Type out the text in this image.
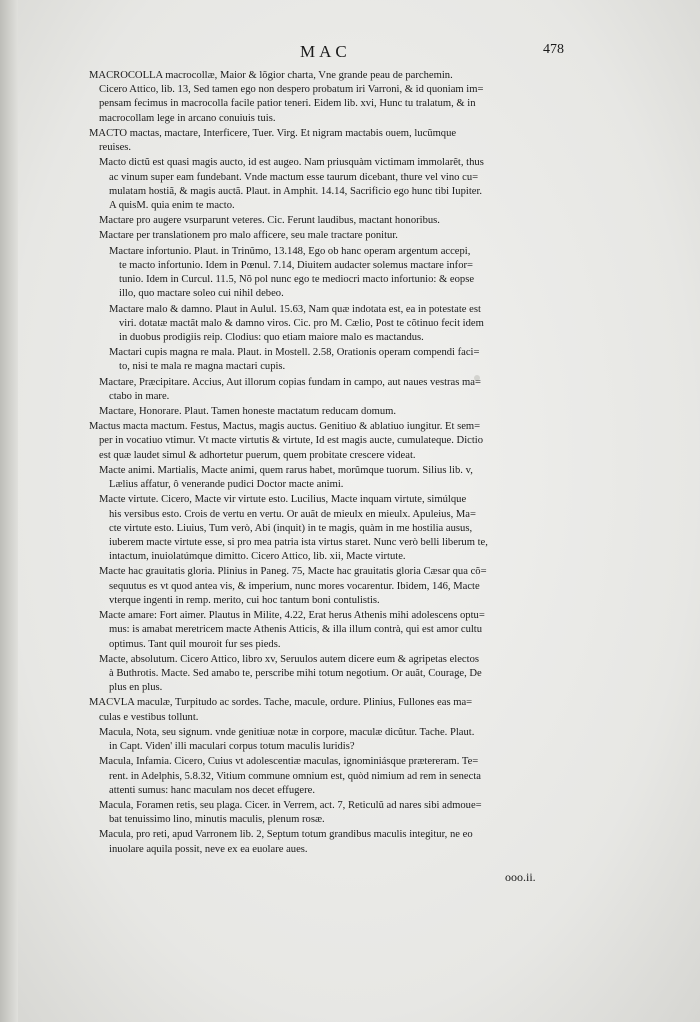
MAC	478
MACROCOLLA macrocollæ, Maior & lõgior charta, Vne grande peau de parchemin.
Cicero Attico, lib. 13, Sed tamen ego non despero probatum iri Varroni, & id quoniam im=
pensam fecimus in macrocolla facile patior teneri. Eidem lib. xvi, Hunc tu tralatum, & in
macrocollam lege in arcano conuiuis tuis.
MACTO mactas, mactare, Interficere, Tuer. Virg. Et nigram mactabis ouem, lucũmque
reuises.
Macto dictũ est quasi magis aucto, id est augeo. Nam priusquàm victimam immolarẽt, thus
ac vinum super eam fundebant. Vnde mactum esse taurum dicebant, thure vel vino cu=
mulatam hostiã, & magis auctã. Plaut. in Amphit. 14.14, Sacrificio ego hunc tibi Iupiter.
A quisM. quia enim te macto.
Mactare pro augere vsurparunt veteres. Cic. Ferunt laudibus, mactant honoribus.
Mactare per translationem pro malo afficere, seu male tractare ponitur.
Mactare infortunio. Plaut. in Trinũmo, 13.148, Ego ob hanc operam argentum accepi,
te macto infortunio. Idem in Pœnul. 7.14, Diuitem audacter solemus mactare infor=
tunio. Idem in Curcul. 11.5, Nõ pol nunc ego te mediocri macto infortunio: & eopse
illo, quo mactare soleo cui nihil debeo.
Mactare malo & damno. Plaut in Aulul. 15.63, Nam quæ indotata est, ea in potestate est
viri. dotatæ mactãt malo & damno viros. Cic. pro M. Cælio, Post te cõtinuo fecit idem
in duobus prodigiis reip. Clodius: quo etiam maiore malo es mactandus.
Mactari cupis magna re mala. Plaut. in Mostell. 2.58, Orationis operam compendi faci=
to, nisi te mala re magna mactari cupis.
Mactare, Præcipitare. Accius, Aut illorum copias fundam in campo, aut naues vestras ma=
ctabo in mare.
Mactare, Honorare. Plaut. Tamen honeste mactatum reducam domum.
Mactus macta mactum. Festus, Mactus, magis auctus. Genitiuo & ablatiuo iungitur. Et sem=
per in vocatiuo vtimur. Vt macte virtutis & virtute, Id est magis aucte, cumulateque. Dictio
est quæ laudet simul & adhortetur puerum, quem probitate crescere videat.
Macte animi. Martialis, Macte animi, quem rarus habet, morũmque tuorum. Silius lib. v,
Lælius affatur, ô venerande pudici Doctor macte animi.
Macte virtute. Cicero, Macte vir virtute esto. Lucilius, Macte inquam virtute, simúlque
his versibus esto. Crois de vertu en vertu. Or auãt de mieulx en mieulx. Apuleius, Ma=
cte virtute esto. Liuius, Tum verò, Abi (inquit) in te magis, quàm in me hostilia ausus,
iuberem macte virtute esse, si pro mea patria ista virtus staret. Nunc verò belli liberum te,
intactum, inuiolatúmque dimitto. Cicero Attico, lib. xii, Macte virtute.
Macte hac grauitatis gloria. Plinius in Paneg. 75, Macte hac grauitatis gloria Cæsar qua cõ=
sequutus es vt quod antea vis, & imperium, nunc mores vocarentur. Ibidem, 146, Macte
vterque ingenti in remp. merito, cui hoc tantum boni contulistis.
Macte amare: Fort aimer. Plautus in Milite, 4.22, Erat herus Athenis mihi adolescens optu=
mus: is amabat meretricem macte Athenis Atticis, & illa illum contrà, qui est amor cultu
optimus. Tant quil mouroit fur ses pieds.
Macte, absolutum. Cicero Attico, libro xv, Seruulos autem dicere eum & agripetas electos
à Buthrotis. Macte. Sed amabo te, perscribe mihi totum negotium. Or auãt, Courage, De
plus en plus.
MACVLA maculæ, Turpitudo ac sordes. Tache, macule, ordure. Plinius, Fullones eas ma=
culas e vestibus tollunt.
Macula, Nota, seu signum. vnde genitiuæ notæ in corpore, maculæ dicũtur. Tache. Plaut.
in Capt. Viden' illi maculari corpus totum maculis luridis?
Macula, Infamia. Cicero, Cuius vt adolescentiæ maculas, ignominiásque prætereram. Te=
rent. in Adelphis, 5.8.32, Vitium commune omnium est, quòd nimium ad rem in senecta
attenti sumus: hanc maculam nos decet effugere.
Macula, Foramen retis, seu plaga. Cicer. in Verrem, act. 7, Reticulũ ad nares sibi admoue=
bat tenuissimo lino, minutis maculis, plenum rosæ.
Macula, pro reti, apud Varronem lib. 2, Septum totum grandibus maculis integitur, ne eo
inuolare aquila possit, neve ex ea euolare aues.
ooo.ii.
